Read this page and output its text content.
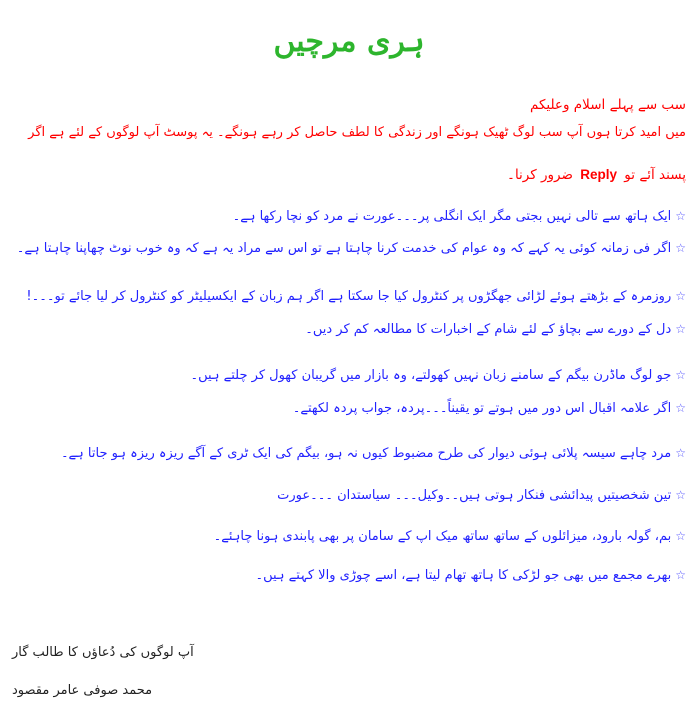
ہری مرچیں
سب سے پہلے اسلام وعلیکم
میں امید کرتا ہوں آپ سب لوگ ٹھیک ہونگے اور زندگی کا لطف حاصل کر رہے ہونگے۔ یہ پوسٹ آپ لوگوں کے لئے ہے اگر
پسند آئے تو Reply ضرور کرنا۔
☆ایک ہاتھ سے تالی نہیں بجتی مگر ایک انگلی پر۔۔۔عورت نے مرد کو نچا رکھا ہے۔
☆اگر فی زمانہ کوئی یہ کہے کہ وہ عوام کی خدمت کرنا چاہتا ہے تو اس سے مراد یہ ہے کہ وہ خوب نوٹ چھاپنا چاہتا ہے۔
☆روزمرہ کے بڑھتے ہوئے لڑائی جھگڑوں پر کنٹرول کیا جا سکتا ہے اگر ہم زبان کے ایکسیلیٹر کو کنٹرول کر لیا جائے تو۔۔۔!
☆دل کے دورے سے بچاؤ کے لئے شام کے اخبارات کا مطالعہ کم کر دیں۔
☆جو لوگ ماڈرن بیگم کے سامنے زبان نہیں کھولتے، وہ بازار میں گریبان کھول کر چلتے ہیں۔
☆اگر علامہ اقبال اس دور میں ہوتے تو یقیناً۔۔۔پردہ، جواب پردہ لکھتے۔
☆مرد چاہے سیسہ پلائی ہوئی دیوار کی طرح مضبوط کیوں نہ ہو، بیگم کی ایک ٹری کے آگے ریزہ ریزہ ہو جاتا ہے۔
☆تین شخصیتیں پیدائشی فنکار ہوتی ہیں۔۔وکیل۔۔۔ سیاستدان ۔۔۔عورت
☆بم، گولہ بارود، میزائلوں کے ساتھ ساتھ میک اپ کے سامان پر بھی پابندی ہونا چاہئے۔
☆بھرے مجمع میں بھی جو لڑکی کا ہاتھ تھام لیتا ہے، اسے چوڑی والا کہتے ہیں۔
آپ لوگوں کی دُعاؤں کا طالب گار
محمد صوفی عامر مقصود
